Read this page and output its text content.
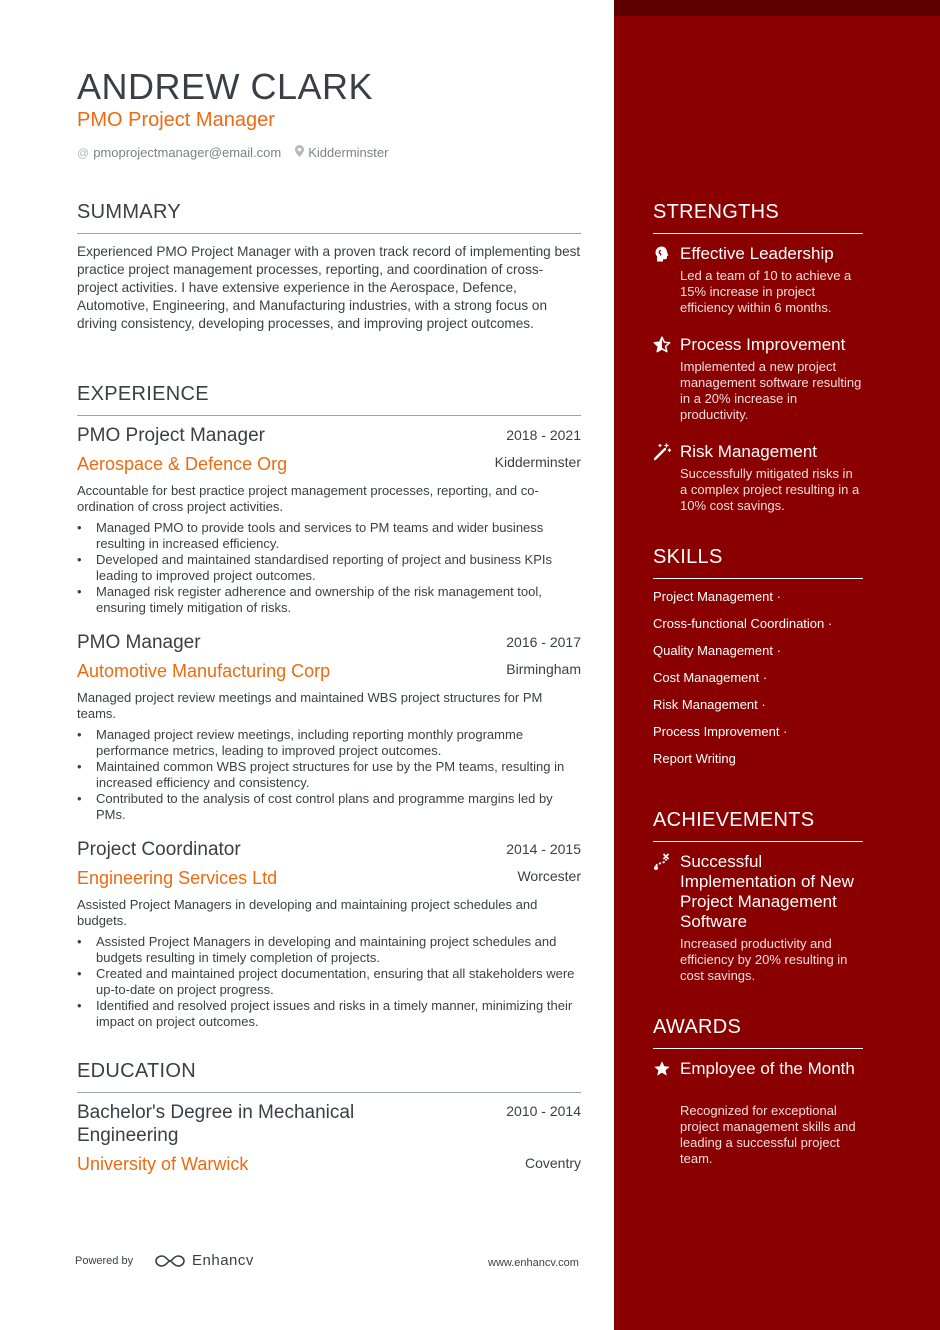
ANDREW CLARK
PMO Project Manager
@ pmoprojectmanager@email.com Kidderminster
SUMMARY
Experienced PMO Project Manager with a proven track record of implementing best practice project management processes, reporting, and coordination of cross-project activities. I have extensive experience in the Aerospace, Defence, Automotive, Engineering, and Manufacturing industries, with a strong focus on driving consistency, developing processes, and improving project outcomes.
EXPERIENCE
PMO Project Manager	2018 - 2021
Aerospace & Defence Org	Kidderminster
Accountable for best practice project management processes, reporting, and co-ordination of cross project activities.
• Managed PMO to provide tools and services to PM teams and wider business resulting in increased efficiency.
• Developed and maintained standardised reporting of project and business KPIs leading to improved project outcomes.
• Managed risk register adherence and ownership of the risk management tool, ensuring timely mitigation of risks.
PMO Manager	2016 - 2017
Automotive Manufacturing Corp	Birmingham
Managed project review meetings and maintained WBS project structures for PM teams.
• Managed project review meetings, including reporting monthly programme performance metrics, leading to improved project outcomes.
• Maintained common WBS project structures for use by the PM teams, resulting in increased efficiency and consistency.
• Contributed to the analysis of cost control plans and programme margins led by PMs.
Project Coordinator	2014 - 2015
Engineering Services Ltd	Worcester
Assisted Project Managers in developing and maintaining project schedules and budgets.
• Assisted Project Managers in developing and maintaining project schedules and budgets resulting in timely completion of projects.
• Created and maintained project documentation, ensuring that all stakeholders were up-to-date on project progress.
• Identified and resolved project issues and risks in a timely manner, minimizing their impact on project outcomes.
EDUCATION
Bachelor's Degree in Mechanical Engineering
2010 - 2014
University of Warwick	Coventry
Powered by	Enhancv	www.enhancv.com
STRENGTHS
Effective Leadership
Led a team of 10 to achieve a 15% increase in project efficiency within 6 months.
Process Improvement
Implemented a new project management software resulting in a 20% increase in productivity.
Risk Management
Successfully mitigated risks in a complex project resulting in a 10% cost savings.
SKILLS
Project Management ·
Cross-functional Coordination ·
Quality Management ·
Cost Management ·
Risk Management ·
Process Improvement ·
Report Writing
ACHIEVEMENTS
Successful Implementation of New Project Management Software
Increased productivity and efficiency by 20% resulting in cost savings.
AWARDS
Employee of the Month
Recognized for exceptional project management skills and leading a successful project team.
